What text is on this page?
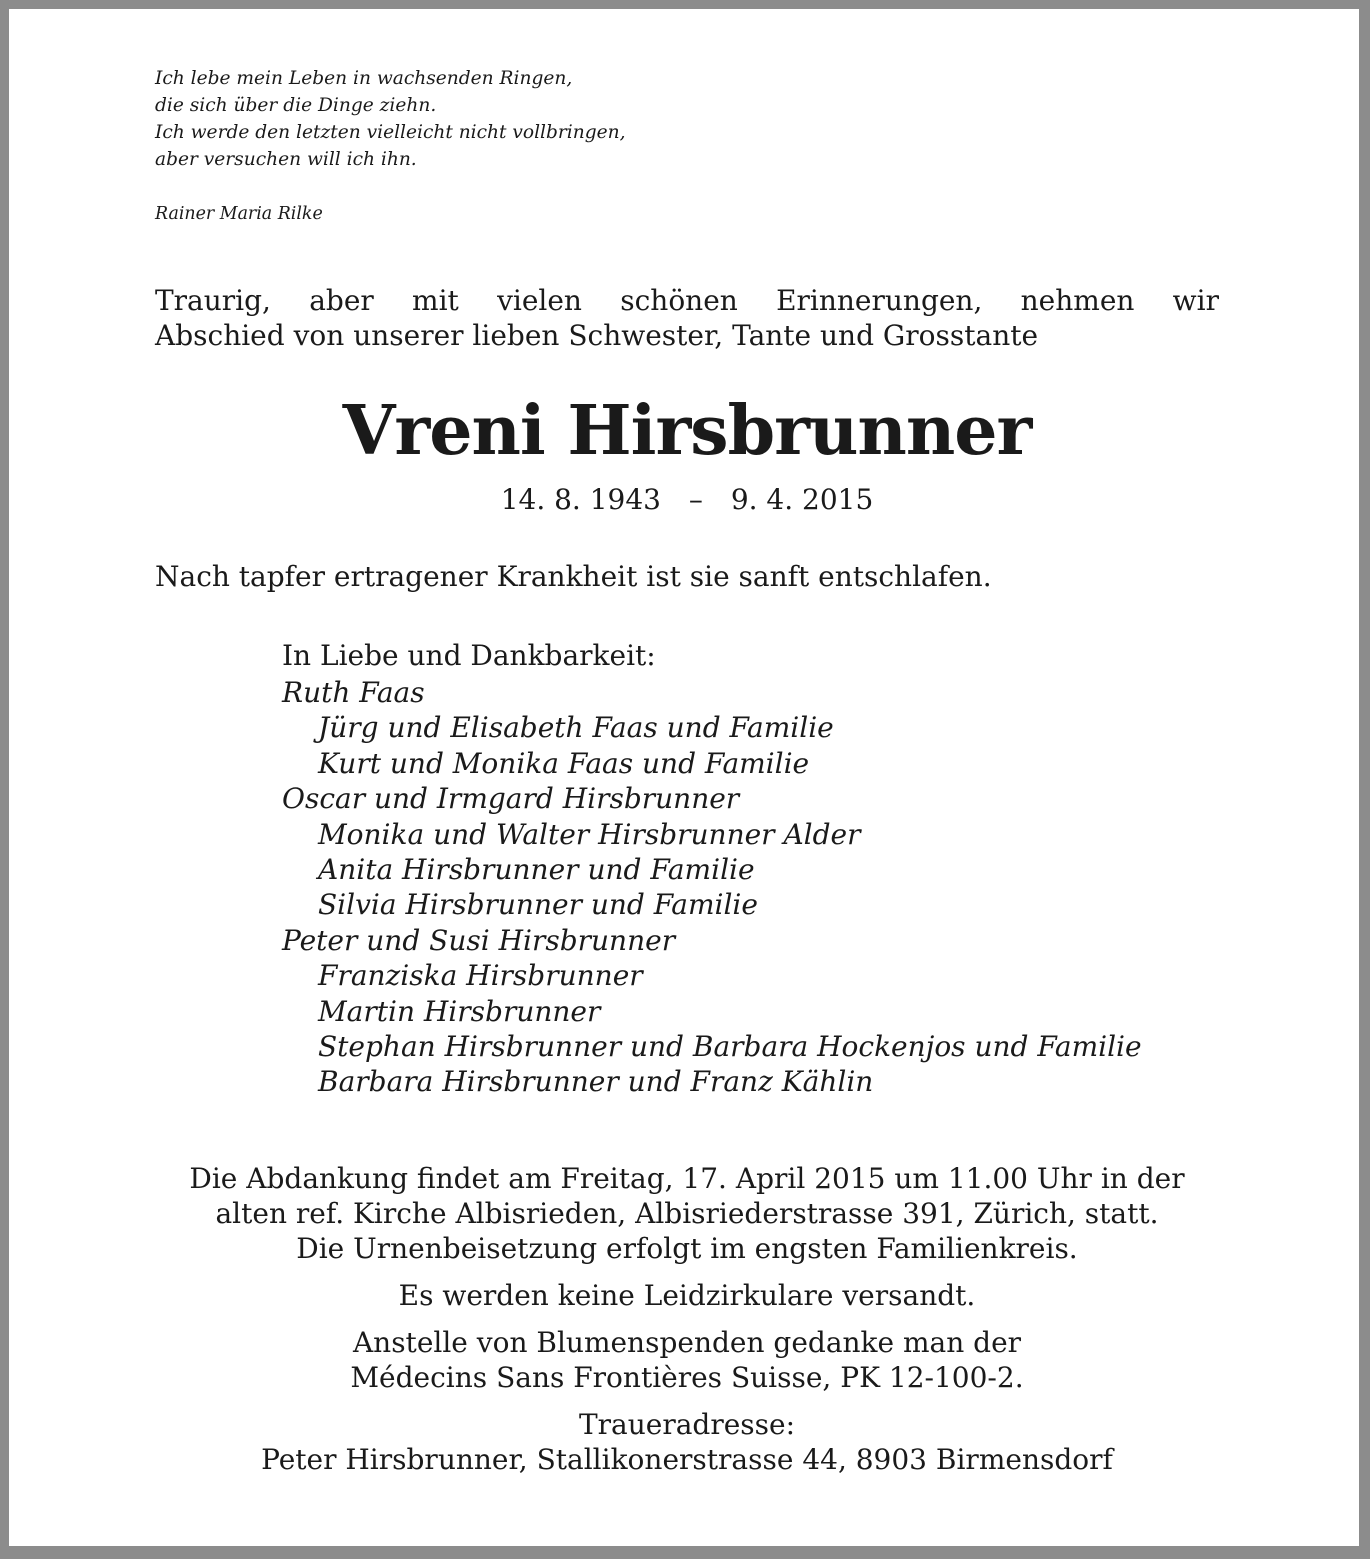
Ich lebe mein Leben in wachsenden Ringen,
die sich über die Dinge ziehn.
Ich werde den letzten vielleicht nicht vollbringen,
aber versuchen will ich ihn.
Rainer Maria Rilke
Traurig, aber mit vielen schönen Erinnerungen, nehmen wir
Abschied von unserer lieben Schwester, Tante und Grosstante
Vreni Hirsbrunner
14. 8. 1943 – 9. 4. 2015
Nach tapfer ertragener Krankheit ist sie sanft entschlafen.
In Liebe und Dankbarkeit:
Ruth Faas
Jürg und Elisabeth Faas und Familie
Kurt und Monika Faas und Familie
Oscar und Irmgard Hirsbrunner
Monika und Walter Hirsbrunner Alder
Anita Hirsbrunner und Familie
Silvia Hirsbrunner und Familie
Peter und Susi Hirsbrunner
Franziska Hirsbrunner
Martin Hirsbrunner
Stephan Hirsbrunner und Barbara Hockenjos und Familie
Barbara Hirsbrunner und Franz Kählin

Die Abdankung findet am Freitag, 17. April 2015 um 11.00 Uhr in der
alten ref. Kirche Albisrieden, Albisriederstrasse 391, Zürich, statt.
Die Urnenbeisetzung erfolgt im engsten Familienkreis.

Es werden keine Leidzirkulare versandt.

Anstelle von Blumenspenden gedanke man der
Médecins Sans Frontières Suisse, PK 12-100-2.

Traueradresse:
Peter Hirsbrunner, Stallikonerstrasse 44, 8903 Birmensdorf
